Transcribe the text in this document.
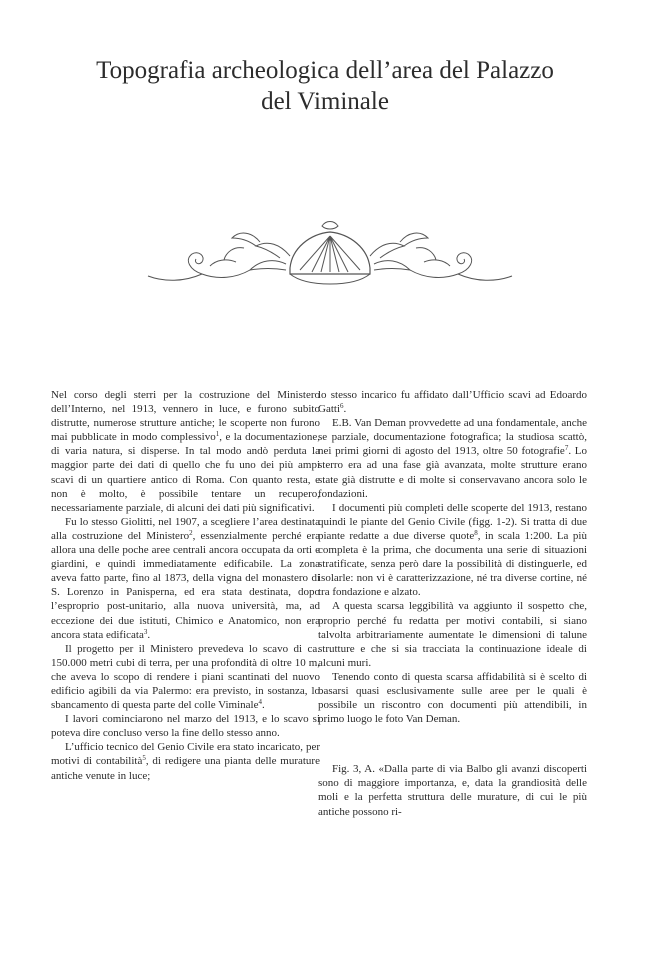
Topografia archeologica dell’area del Palazzo
del Viminale

Nel corso degli sterri per la costruzione del Ministero dell’Interno, nel 1913, vennero in luce, e furono subito distrutte, numerose strutture antiche; le scoperte non furono mai pubblicate in modo complessivo$^1$, e la documentazione, di varia natura, si disperse. In tal modo andò perduta la maggior parte dei dati di quello che fu uno dei più ampi scavi di un quartiere antico di Roma. Con quanto resta, e non è molto, è possibile tentare un recupero, necessariamente parziale, di alcuni dei dati più significativi.

Fu lo stesso Giolitti, nel 1907, a scegliere l’area destinata alla costruzione del Ministero$^2$, essenzialmente perché era allora una delle poche aree centrali ancora occupata da orti e giardini, e quindi immediatamente edificabile. La zona aveva fatto parte, fino al 1873, della vigna del monastero di S. Lorenzo in Panisperna, ed era stata destinata, dopo l’esproprio post-unitario, alla nuova università, ma, ad eccezione dei due istituti, Chimico e Anatomico, non era ancora stata edificata$^3$.

Il progetto per il Ministero prevedeva lo scavo di ca. 150.000 metri cubi di terra, per una profondità di oltre 10 m, che aveva lo scopo di rendere i piani scantinati del nuovo edificio agibili da via Palermo: era previsto, in sostanza, lo sbancamento di questa parte del colle Viminale$^4$.

I lavori cominciarono nel marzo del 1913, e lo scavo si poteva dire concluso verso la fine dello stesso anno.

L’ufficio tecnico del Genio Civile era stato incaricato, per motivi di contabilità$^5$, di redigere una pianta delle murature antiche venute in luce;

lo stesso incarico fu affidato dall’Ufficio scavi ad Edoardo Gatti$^6$.

E.B. Van Deman provvedette ad una fondamentale, anche se parziale, documentazione fotografica; la studiosa scattò, nei primi giorni di agosto del 1913, oltre 50 fotografie$^7$. Lo sterro era ad una fase già avanzata, molte strutture erano state già distrutte e di molte si conservavano ancora solo le fondazioni.

I documenti più completi delle scoperte del 1913, restano quindi le piante del Genio Civile (figg. 1-2). Si tratta di due piante redatte a due diverse quote$^8$, in scala 1:200. La più completa è la prima, che documenta una serie di situazioni stratificate, senza però dare la possibilità di distinguerle, ed isolarle: non vi è caratterizzazione, né tra diverse cortine, né tra fondazione e alzato.

A questa scarsa leggibilità va aggiunto il sospetto che, proprio perché fu redatta per motivi contabili, si siano talvolta arbitrariamente aumentate le dimensioni di talune strutture e che si sia tracciata la continuazione ideale di alcuni muri.

Tenendo conto di questa scarsa affidabilità si è scelto di basarsi quasi esclusivamente sulle aree per le quali è possibile un riscontro con documenti più attendibili, in primo luogo le foto Van Deman.

Fig. 3, A. «Dalla parte di via Balbo gli avanzi discoperti sono di maggiore importanza, e, data la grandiosità delle moli e la perfetta struttura delle murature, di cui le più antiche possono ri-
